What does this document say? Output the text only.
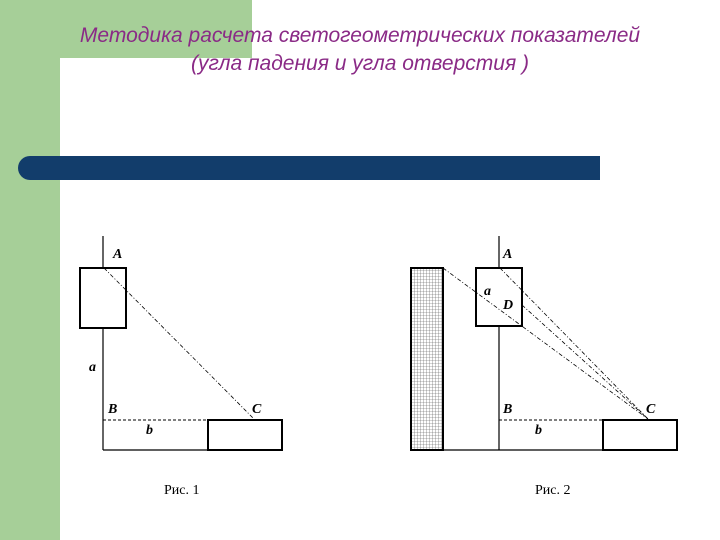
Методика расчета светогеометрических показателей
(угла падения и угла отверстия )
A
a
B	C
b
Рис. 1
A
a
D
B	C
b
Рис. 2
